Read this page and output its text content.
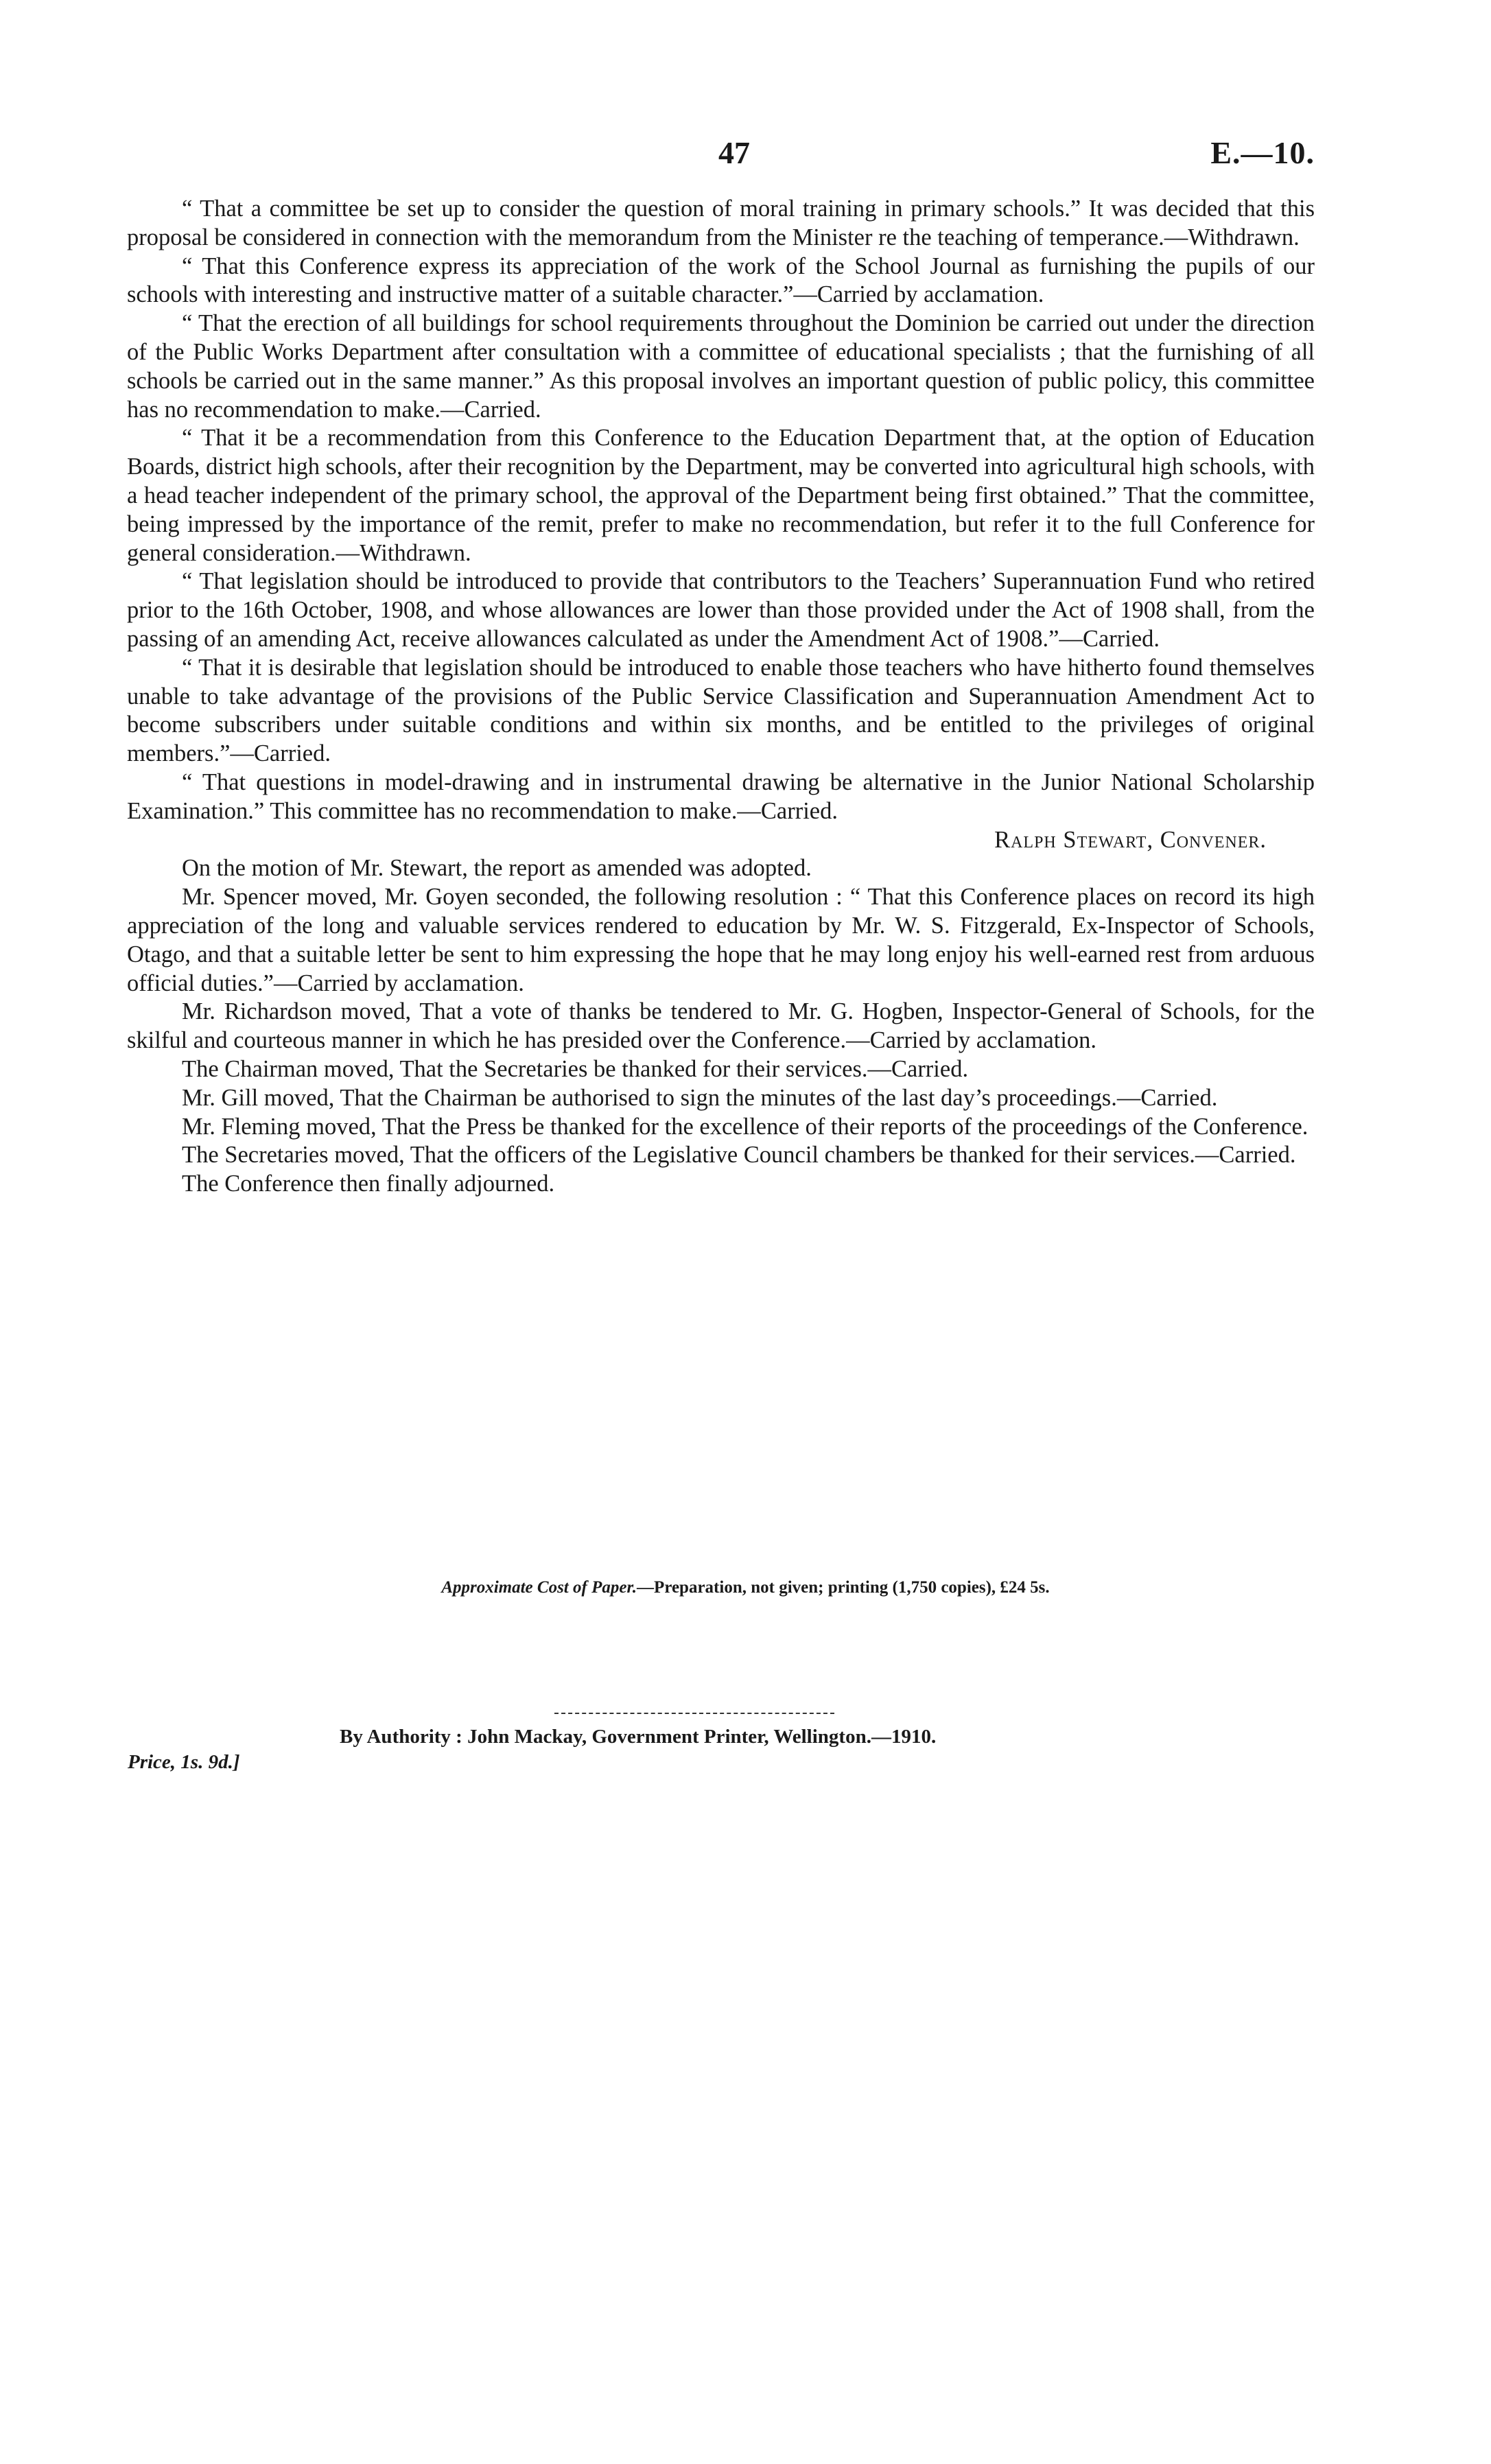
47	E.—10.

“ That a committee be set up to consider the question of moral training in primary schools.” It was decided that this proposal be considered in connection with the memorandum from the Minister re the teaching of temperance.—Withdrawn.

“ That this Conference express its appreciation of the work of the School Journal as furnishing the pupils of our schools with interesting and instructive matter of a suitable character.”—Carried by acclamation.

“ That the erection of all buildings for school requirements throughout the Dominion be carried out under the direction of the Public Works Department after consultation with a committee of educational specialists ; that the furnishing of all schools be carried out in the same manner.” As this proposal involves an important question of public policy, this committee has no recommendation to make.—Carried.

“ That it be a recommendation from this Conference to the Education Department that, at the option of Education Boards, district high schools, after their recognition by the Department, may be converted into agricultural high schools, with a head teacher independent of the primary school, the approval of the Department being first obtained.” That the committee, being impressed by the importance of the remit, prefer to make no recommendation, but refer it to the full Conference for general consideration.—Withdrawn.

“ That legislation should be introduced to provide that contributors to the Teachers’ Superannuation Fund who retired prior to the 16th October, 1908, and whose allowances are lower than those provided under the Act of 1908 shall, from the passing of an amending Act, receive allowances calculated as under the Amendment Act of 1908.”—Carried.

“ That it is desirable that legislation should be introduced to enable those teachers who have hitherto found themselves unable to take advantage of the provisions of the Public Service Classification and Superannuation Amendment Act to become subscribers under suitable conditions and within six months, and be entitled to the privileges of original members.”—Carried.

“ That questions in model-drawing and in instrumental drawing be alternative in the Junior National Scholarship Examination.” This committee has no recommendation to make.—Carried.

Ralph Stewart, Convener.

On the motion of Mr. Stewart, the report as amended was adopted.

Mr. Spencer moved, Mr. Goyen seconded, the following resolution : “ That this Conference places on record its high appreciation of the long and valuable services rendered to education by Mr. W. S. Fitzgerald, Ex-Inspector of Schools, Otago, and that a suitable letter be sent to him expressing the hope that he may long enjoy his well-earned rest from arduous official duties.”—Carried by acclamation.

Mr. Richardson moved, That a vote of thanks be tendered to Mr. G. Hogben, Inspector-General of Schools, for the skilful and courteous manner in which he has presided over the Conference.—Carried by acclamation.

The Chairman moved, That the Secretaries be thanked for their services.—Carried.

Mr. Gill moved, That the Chairman be authorised to sign the minutes of the last day’s proceedings.—Carried.

Mr. Fleming moved, That the Press be thanked for the excellence of their reports of the proceedings of the Conference.

The Secretaries moved, That the officers of the Legislative Council chambers be thanked for their services.—Carried.

The Conference then finally adjourned.

Approximate Cost of Paper.—Preparation, not given; printing (1,750 copies), £24 5s.
By Authority : John Mackay, Government Printer, Wellington.—1910.
Price, 1s. 9d.]
